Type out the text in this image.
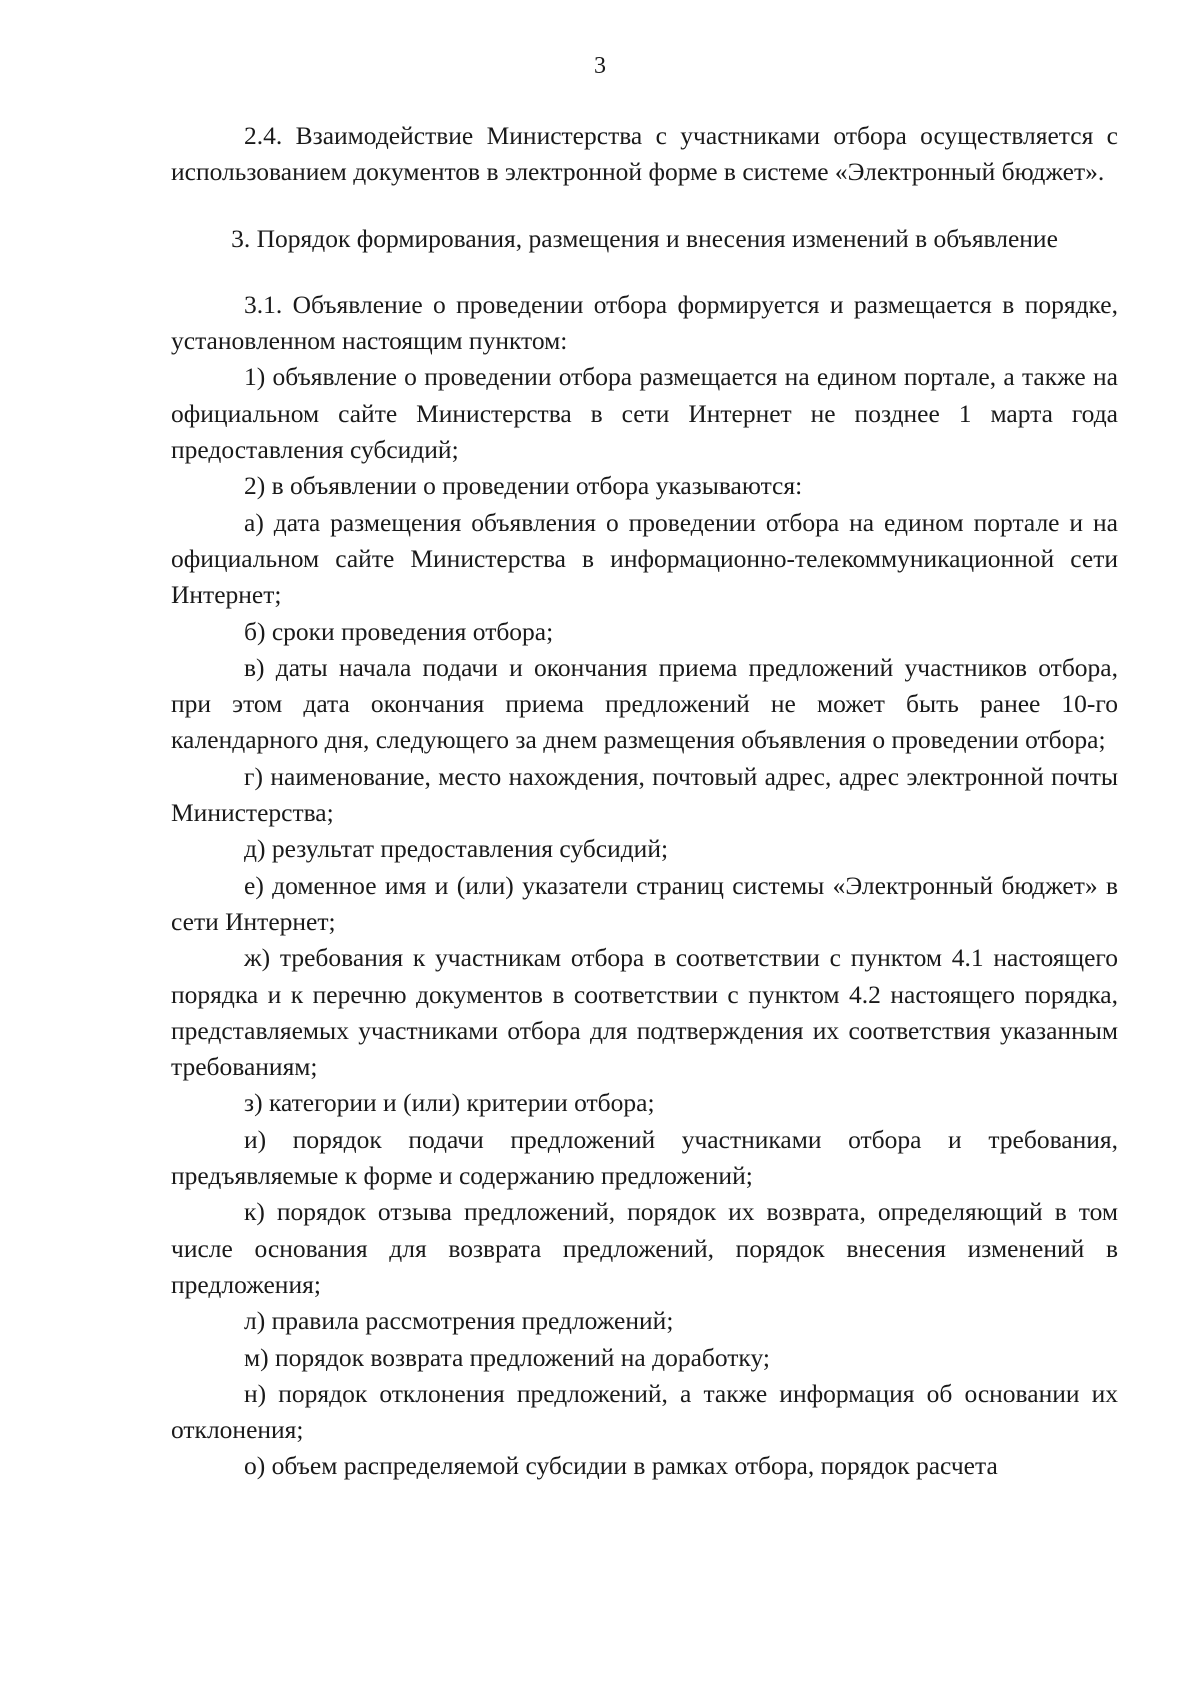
3

2.4. Взаимодействие Министерства с участниками отбора осуществляется с использованием документов в электронной форме в системе «Электронный бюджет».

3. Порядок формирования, размещения и внесения изменений в объявление

3.1. Объявление о проведении отбора формируется и размещается в порядке, установленном настоящим пунктом:

1) объявление о проведении отбора размещается на едином портале, а также на официальном сайте Министерства в сети Интернет не позднее 1 марта года предоставления субсидий;

2) в объявлении о проведении отбора указываются:

а) дата размещения объявления о проведении отбора на едином портале и на официальном сайте Министерства в информационно-телекоммуникационной сети Интернет;

б) сроки проведения отбора;

в) даты начала подачи и окончания приема предложений участников отбора, при этом дата окончания приема предложений не может быть ранее 10-го календарного дня, следующего за днем размещения объявления о проведении отбора;

г) наименование, место нахождения, почтовый адрес, адрес электронной почты Министерства;

д) результат предоставления субсидий;

е) доменное имя и (или) указатели страниц системы «Электронный бюджет» в сети Интернет;

ж) требования к участникам отбора в соответствии с пунктом 4.1 настоящего порядка и к перечню документов в соответствии с пунктом 4.2 настоящего порядка, представляемых участниками отбора для подтверждения их соответствия указанным требованиям;

з) категории и (или) критерии отбора;

и) порядок подачи предложений участниками отбора и требования, предъявляемые к форме и содержанию предложений;

к) порядок отзыва предложений, порядок их возврата, определяющий в том числе основания для возврата предложений, порядок внесения изменений в предложения;

л) правила рассмотрения предложений;

м) порядок возврата предложений на доработку;

н) порядок отклонения предложений, а также информация об основании их отклонения;

о) объем распределяемой субсидии в рамках отбора, порядок расчета
